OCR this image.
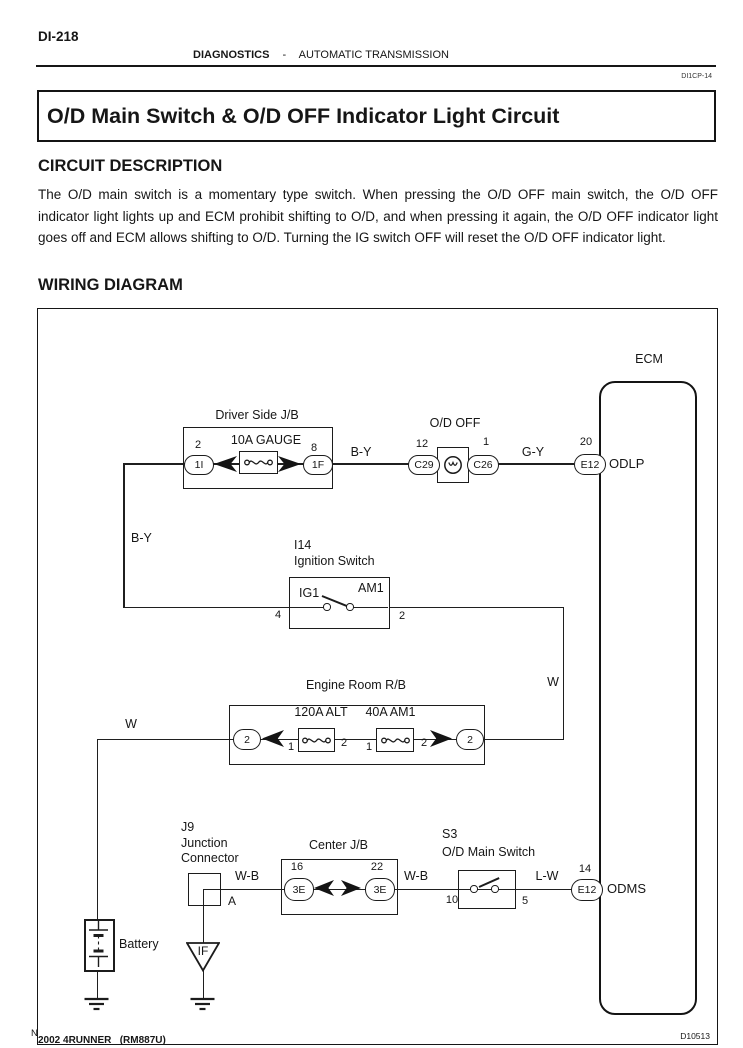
DI-218
DIAGNOSTICS - AUTOMATIC TRANSMISSION
DI1CP-14
O/D Main Switch & O/D OFF Indicator Light Circuit
CIRCUIT DESCRIPTION
The O/D main switch is a momentary type switch. When pressing the O/D OFF main switch, the O/D OFF indicator light lights up and ECM prohibit shifting to O/D, and when pressing it again, the O/D OFF indicator light goes off and ECM allows shifting to O/D. Turning the IG switch OFF will reset the O/D OFF indicator light.
WIRING DIAGRAM
ECM
Driver Side J/B
2
1I
10A GAUGE
8
1F
B-Y
O/D OFF
12
C29
1
C26
G-Y
20
E12 ODLP
B-Y	I14
Ignition Switch
IG1	AM1
4	2
W
Engine Room R/B
2
120A ALT
1	2
40A AM1
1	2	2
W
Battery
J9
Junction
Connector
W-B
A
IF
Center J/B
16
3E
22
3E
W-B
S3
O/D Main Switch
10	5
L-W	14
E12 ODMS
N
2002 4RUNNER   (RM887U)	D10513
